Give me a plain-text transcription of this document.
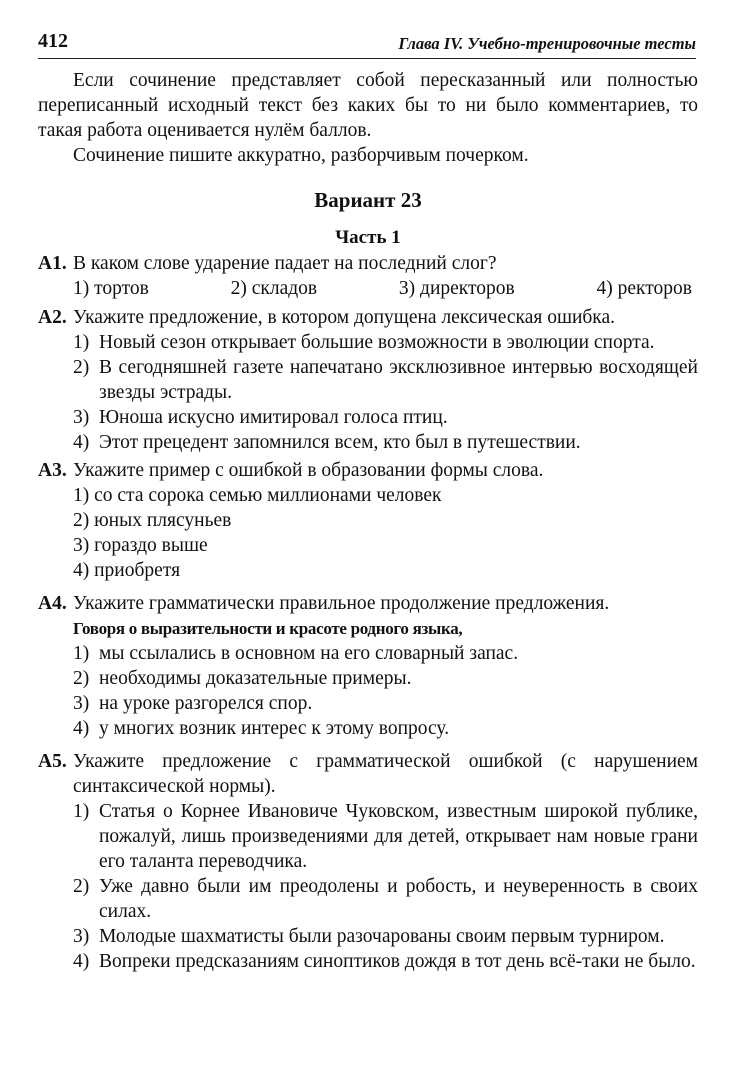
412	Глава IV. Учебно-тренировочные тесты

Если сочинение представляет собой пересказанный или полностью переписанный исходный текст без каких бы то ни было комментариев, то такая работа оценивается нулём баллов.

Сочинение пишите аккуратно, разборчивым почерком.

Вариант 23
Часть 1
А1. В каком слове ударение падает на последний слог?
1) тортов	2) складов	3) директоров	4) ректоров
А2. Укажите предложение, в котором допущена лексическая ошибка.
1) Новый сезон открывает большие возможности в эволюции спорта.
2) В сегодняшней газете напечатано эксклюзивное интервью восходящей звезды эстрады.
3) Юноша искусно имитировал голоса птиц.
4) Этот прецедент запомнился всем, кто был в путешествии.
А3. Укажите пример с ошибкой в образовании формы слова.
1) со ста сорока семью миллионами человек
2) юных плясуньев
3) гораздо выше
4) приобретя
А4. Укажите грамматически правильное продолжение предложения.
Говоря о выразительности и красоте родного языка,
1) мы ссылались в основном на его словарный запас.
2) необходимы доказательные примеры.
3) на уроке разгорелся спор.
4) у многих возник интерес к этому вопросу.
А5. Укажите предложение с грамматической ошибкой (с нарушением синтаксической нормы).
1) Статья о Корнее Ивановиче Чуковском, известным широкой публике, пожалуй, лишь произведениями для детей, открывает нам новые грани его таланта переводчика.
2) Уже давно были им преодолены и робость, и неуверенность в своих силах.
3) Молодые шахматисты были разочарованы своим первым турниром.
4) Вопреки предсказаниям синоптиков дождя в тот день всё-таки не было.
